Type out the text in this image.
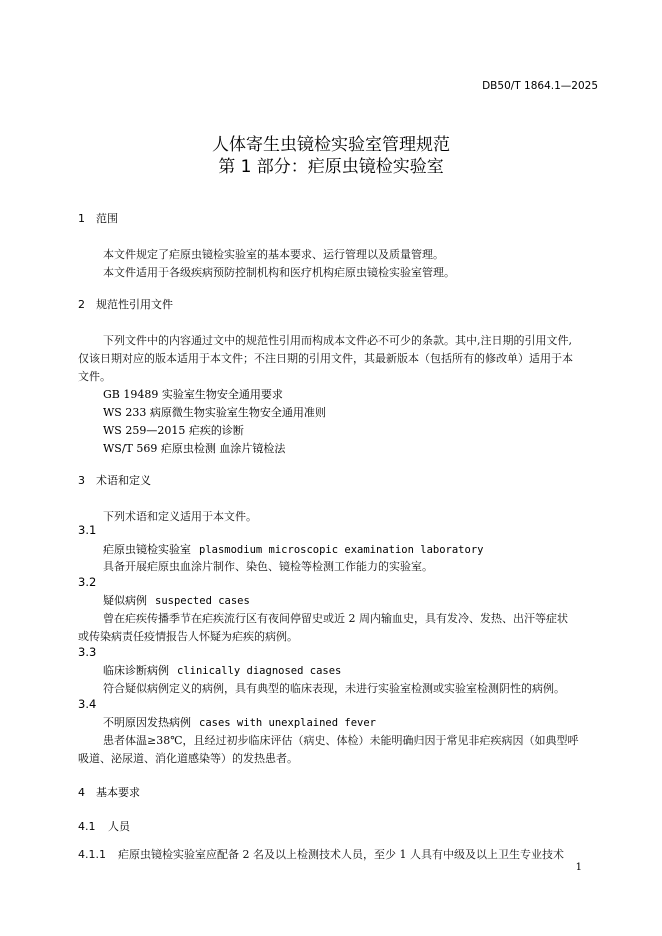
DB50/T 1864.1—2025
人体寄生虫镜检实验室管理规范
第 1 部分：疟原虫镜检实验室
1 范围
本文件规定了疟原虫镜检实验室的基本要求、运行管理以及质量管理。
本文件适用于各级疾病预防控制机构和医疗机构疟原虫镜检实验室管理。
2 规范性引用文件
下列文件中的内容通过文中的规范性引用而构成本文件必不可少的条款。其中,注日期的引用文件,
仅该日期对应的版本适用于本文件；不注日期的引用文件，其最新版本（包括所有的修改单）适用于本
文件。
GB 19489 实验室生物安全通用要求
WS 233 病原微生物实验室生物安全通用准则
WS 259—2015 疟疾的诊断
WS/T 569 疟原虫检测 血涂片镜检法
3 术语和定义
下列术语和定义适用于本文件。
3.1
疟原虫镜检实验室 plasmodium microscopic examination laboratory
具备开展疟原虫血涂片制作、染色、镜检等检测工作能力的实验室。
3.2
疑似病例 suspected cases
曾在疟疾传播季节在疟疾流行区有夜间停留史或近 2 周内输血史，具有发冷、发热、出汗等症状
或传染病责任疫情报告人怀疑为疟疾的病例。
3.3
临床诊断病例 clinically diagnosed cases
符合疑似病例定义的病例，具有典型的临床表现，未进行实验室检测或实验室检测阴性的病例。
3.4
不明原因发热病例 cases with unexplained fever
患者体温≥38℃，且经过初步临床评估（病史、体检）未能明确归因于常见非疟疾病因（如典型呼
吸道、泌尿道、消化道感染等）的发热患者。
4 基本要求
4.1 人员
4.1.1 疟原虫镜检实验室应配备 2 名及以上检测技术人员，至少 1 人具有中级及以上卫生专业技术
1
